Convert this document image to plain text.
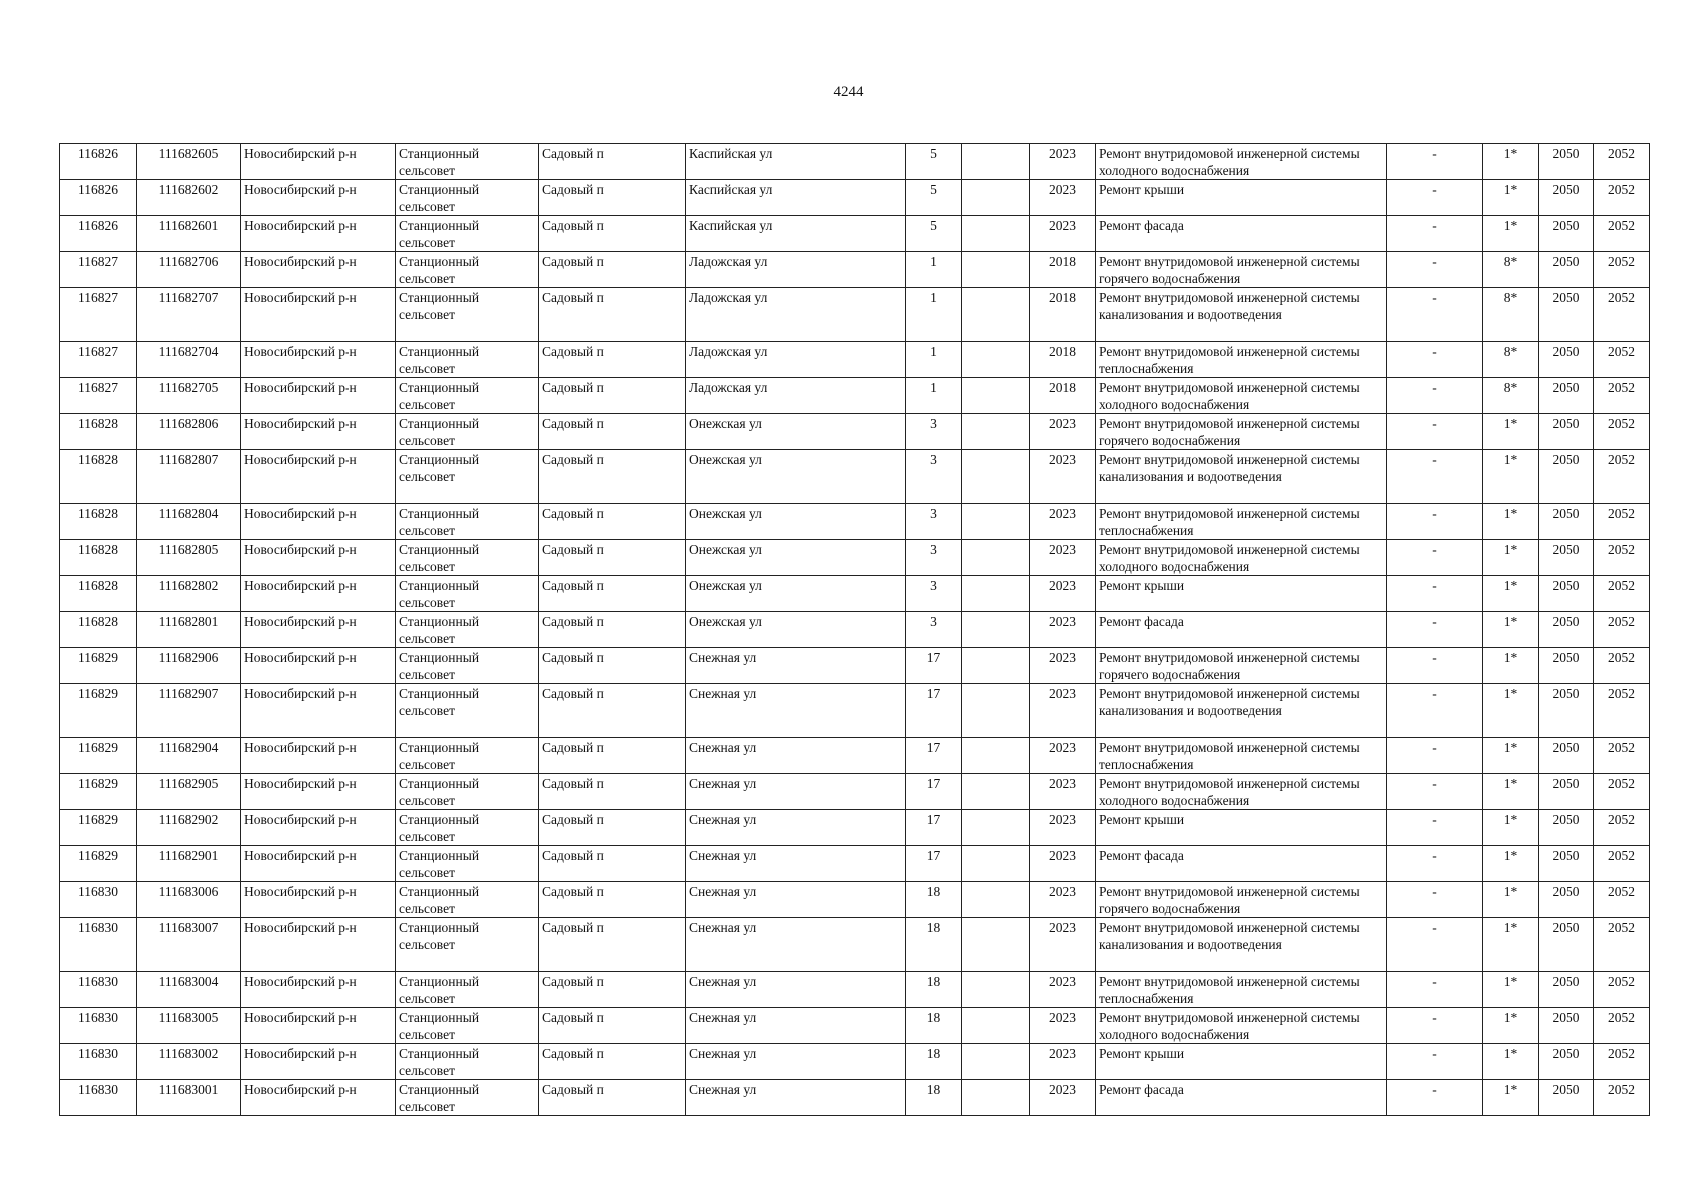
4244
116826	111682605	Новосибирский р-н	Станционный сельсовет	Садовый п	Каспийская ул	5		2023	Ремонт внутридомовой инженерной системы холодного водоснабжения	-	1*	2050	2052
116826	111682602	Новосибирский р-н	Станционный сельсовет	Садовый п	Каспийская ул	5		2023	Ремонт крыши	-	1*	2050	2052
116826	111682601	Новосибирский р-н	Станционный сельсовет	Садовый п	Каспийская ул	5		2023	Ремонт фасада	-	1*	2050	2052
116827	111682706	Новосибирский р-н	Станционный сельсовет	Садовый п	Ладожская ул	1		2018	Ремонт внутридомовой инженерной системы горячего водоснабжения	-	8*	2050	2052
116827	111682707	Новосибирский р-н	Станционный сельсовет	Садовый п	Ладожская ул	1		2018	Ремонт внутридомовой инженерной системы канализования и водоотведения	-	8*	2050	2052
116827	111682704	Новосибирский р-н	Станционный сельсовет	Садовый п	Ладожская ул	1		2018	Ремонт внутридомовой инженерной системы теплоснабжения	-	8*	2050	2052
116827	111682705	Новосибирский р-н	Станционный сельсовет	Садовый п	Ладожская ул	1		2018	Ремонт внутридомовой инженерной системы холодного водоснабжения	-	8*	2050	2052
116828	111682806	Новосибирский р-н	Станционный сельсовет	Садовый п	Онежская ул	3		2023	Ремонт внутридомовой инженерной системы горячего водоснабжения	-	1*	2050	2052
116828	111682807	Новосибирский р-н	Станционный сельсовет	Садовый п	Онежская ул	3		2023	Ремонт внутридомовой инженерной системы канализования и водоотведения	-	1*	2050	2052
116828	111682804	Новосибирский р-н	Станционный сельсовет	Садовый п	Онежская ул	3		2023	Ремонт внутридомовой инженерной системы теплоснабжения	-	1*	2050	2052
116828	111682805	Новосибирский р-н	Станционный сельсовет	Садовый п	Онежская ул	3		2023	Ремонт внутридомовой инженерной системы холодного водоснабжения	-	1*	2050	2052
116828	111682802	Новосибирский р-н	Станционный сельсовет	Садовый п	Онежская ул	3		2023	Ремонт крыши	-	1*	2050	2052
116828	111682801	Новосибирский р-н	Станционный сельсовет	Садовый п	Онежская ул	3		2023	Ремонт фасада	-	1*	2050	2052
116829	111682906	Новосибирский р-н	Станционный сельсовет	Садовый п	Снежная ул	17		2023	Ремонт внутридомовой инженерной системы горячего водоснабжения	-	1*	2050	2052
116829	111682907	Новосибирский р-н	Станционный сельсовет	Садовый п	Снежная ул	17		2023	Ремонт внутридомовой инженерной системы канализования и водоотведения	-	1*	2050	2052
116829	111682904	Новосибирский р-н	Станционный сельсовет	Садовый п	Снежная ул	17		2023	Ремонт внутридомовой инженерной системы теплоснабжения	-	1*	2050	2052
116829	111682905	Новосибирский р-н	Станционный сельсовет	Садовый п	Снежная ул	17		2023	Ремонт внутридомовой инженерной системы холодного водоснабжения	-	1*	2050	2052
116829	111682902	Новосибирский р-н	Станционный сельсовет	Садовый п	Снежная ул	17		2023	Ремонт крыши	-	1*	2050	2052
116829	111682901	Новосибирский р-н	Станционный сельсовет	Садовый п	Снежная ул	17		2023	Ремонт фасада	-	1*	2050	2052
116830	111683006	Новосибирский р-н	Станционный сельсовет	Садовый п	Снежная ул	18		2023	Ремонт внутридомовой инженерной системы горячего водоснабжения	-	1*	2050	2052
116830	111683007	Новосибирский р-н	Станционный сельсовет	Садовый п	Снежная ул	18		2023	Ремонт внутридомовой инженерной системы канализования и водоотведения	-	1*	2050	2052
116830	111683004	Новосибирский р-н	Станционный сельсовет	Садовый п	Снежная ул	18		2023	Ремонт внутридомовой инженерной системы теплоснабжения	-	1*	2050	2052
116830	111683005	Новосибирский р-н	Станционный сельсовет	Садовый п	Снежная ул	18		2023	Ремонт внутридомовой инженерной системы холодного водоснабжения	-	1*	2050	2052
116830	111683002	Новосибирский р-н	Станционный сельсовет	Садовый п	Снежная ул	18		2023	Ремонт крыши	-	1*	2050	2052
116830	111683001	Новосибирский р-н	Станционный сельсовет	Садовый п	Снежная ул	18		2023	Ремонт фасада	-	1*	2050	2052
